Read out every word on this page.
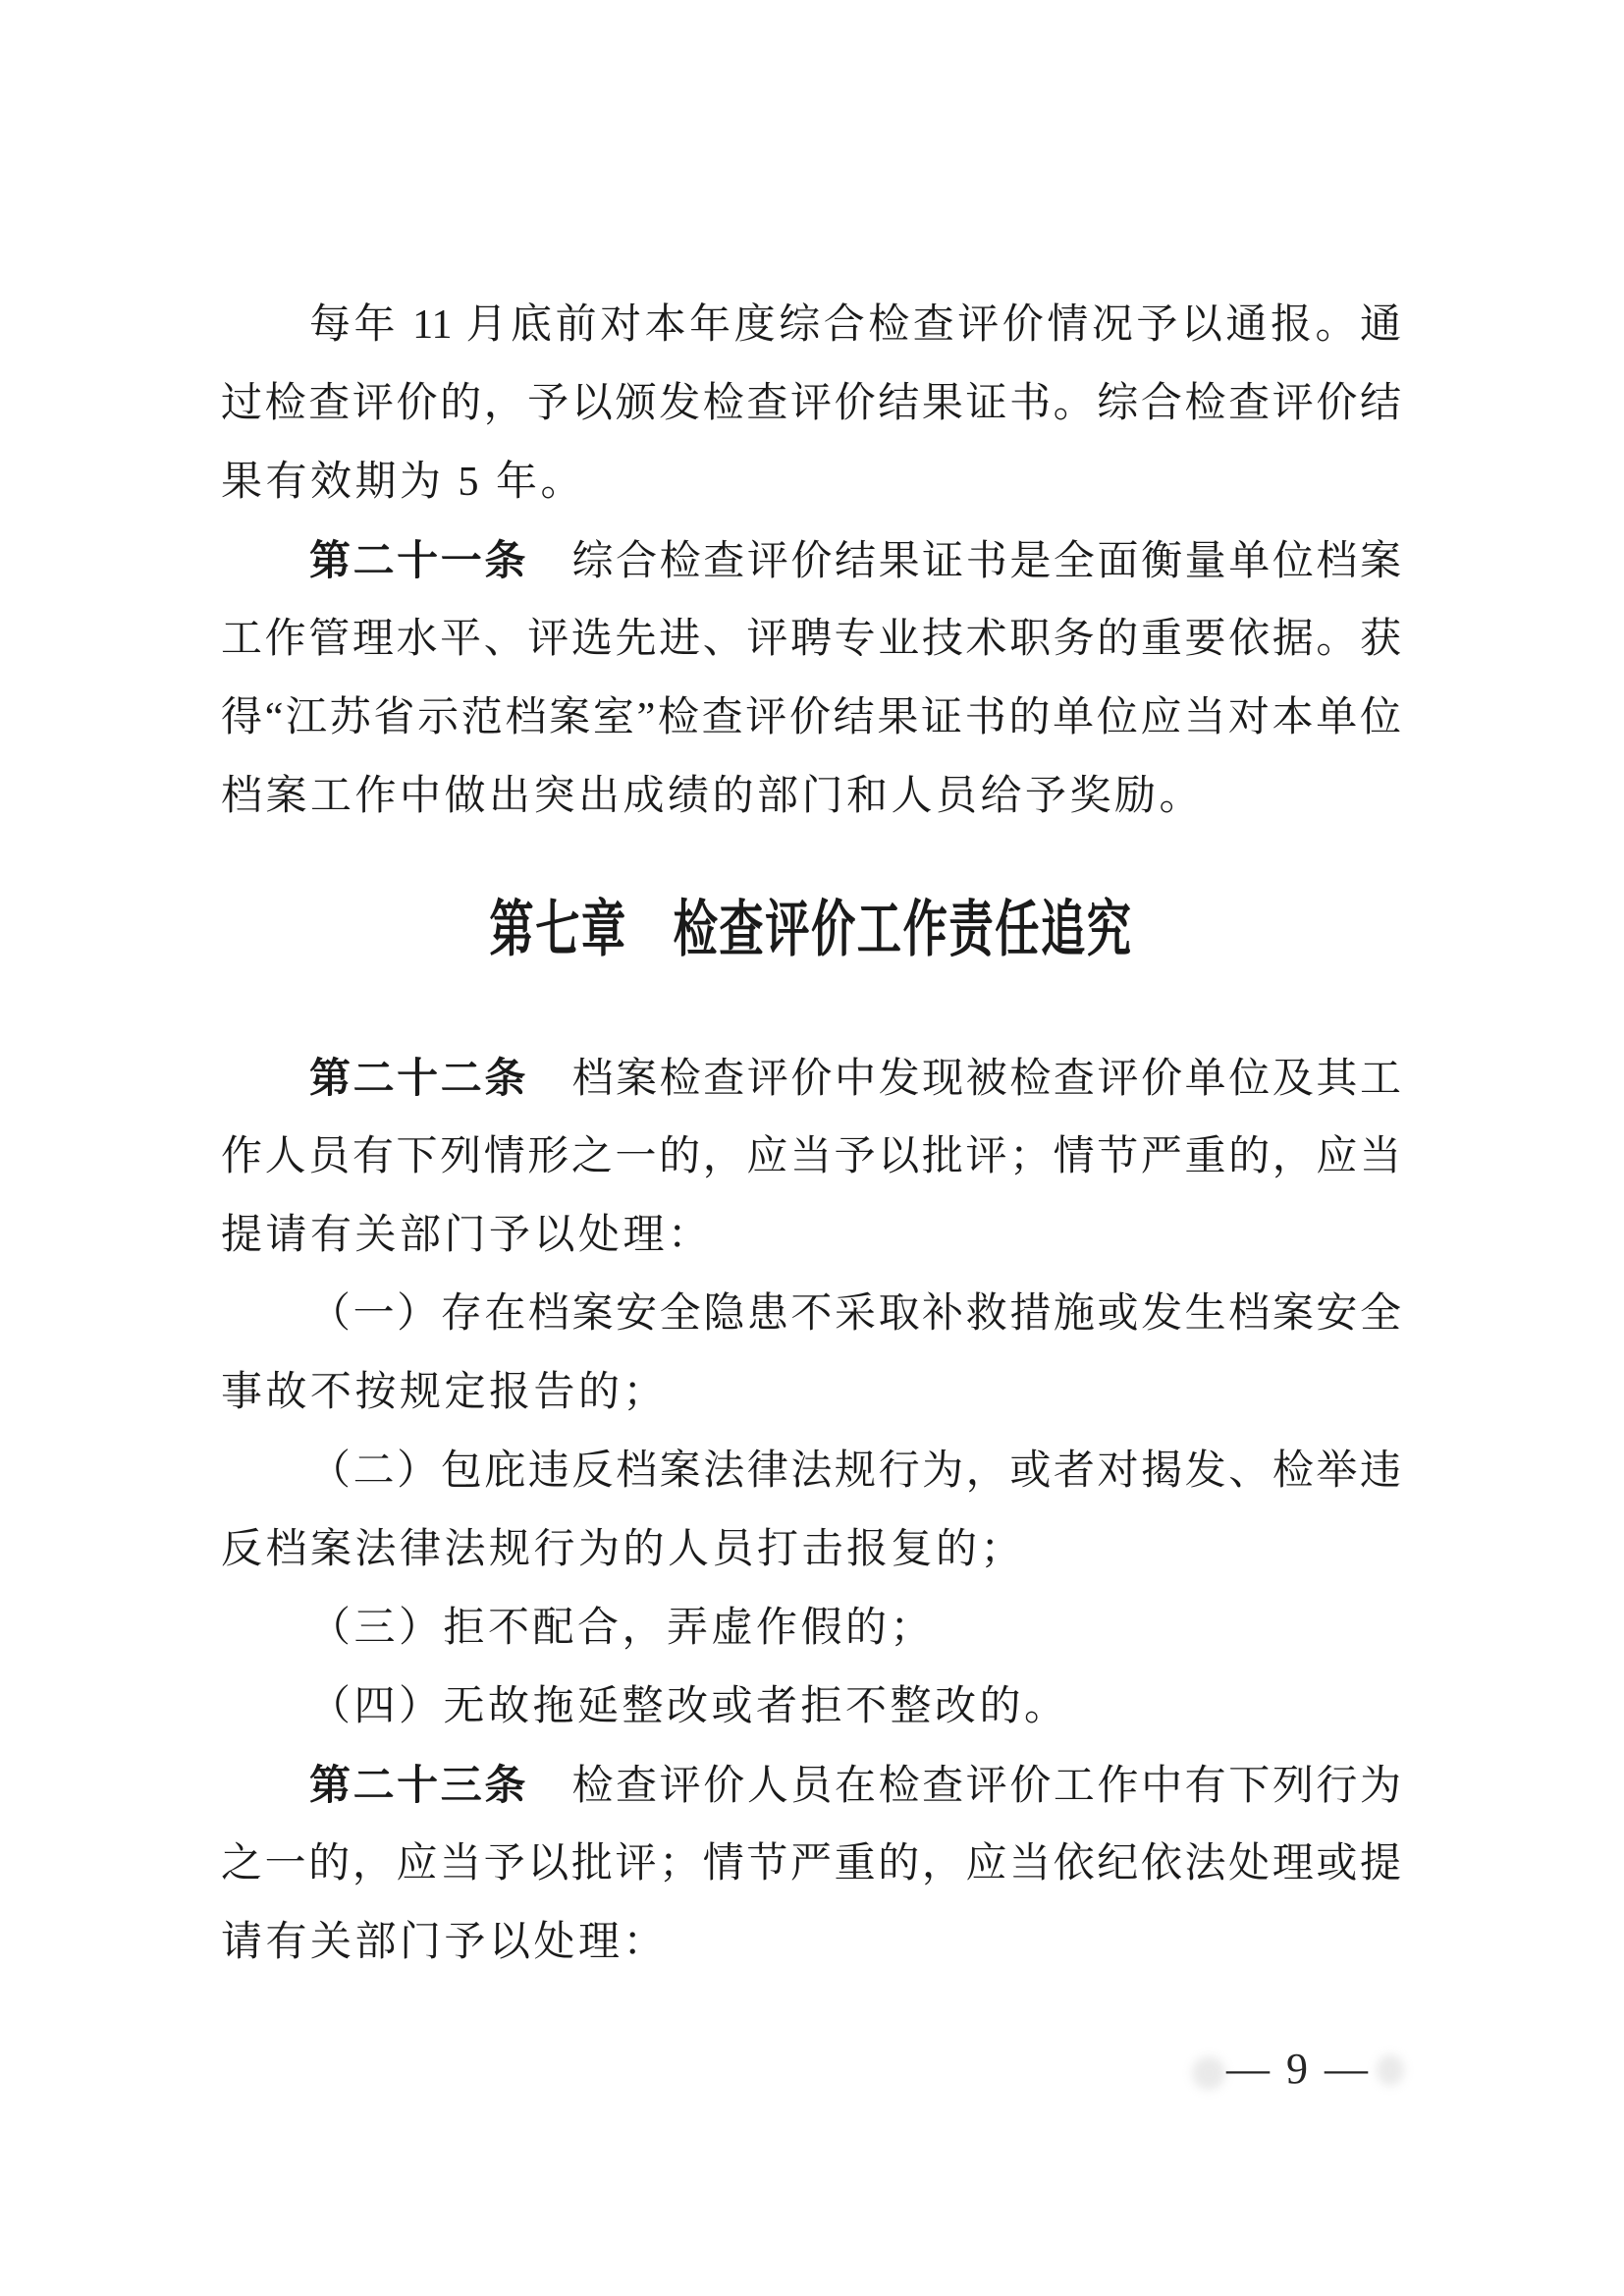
每年 11 月底前对本年度综合检查评价情况予以通报。通
过检查评价的，予以颁发检查评价结果证书。综合检查评价结
果有效期为 5 年。
第二十一条　综合检查评价结果证书是全面衡量单位档案
工作管理水平、评选先进、评聘专业技术职务的重要依据。获
得“江苏省示范档案室”检查评价结果证书的单位应当对本单位
档案工作中做出突出成绩的部门和人员给予奖励。
第七章　检查评价工作责任追究
第二十二条　档案检查评价中发现被检查评价单位及其工
作人员有下列情形之一的，应当予以批评；情节严重的，应当
提请有关部门予以处理：
（一）存在档案安全隐患不采取补救措施或发生档案安全
事故不按规定报告的；
（二）包庇违反档案法律法规行为，或者对揭发、检举违
反档案法律法规行为的人员打击报复的；
（三）拒不配合，弄虚作假的；
（四）无故拖延整改或者拒不整改的。
第二十三条　检查评价人员在检查评价工作中有下列行为
之一的，应当予以批评；情节严重的，应当依纪依法处理或提
请有关部门予以处理：
— 9 —
